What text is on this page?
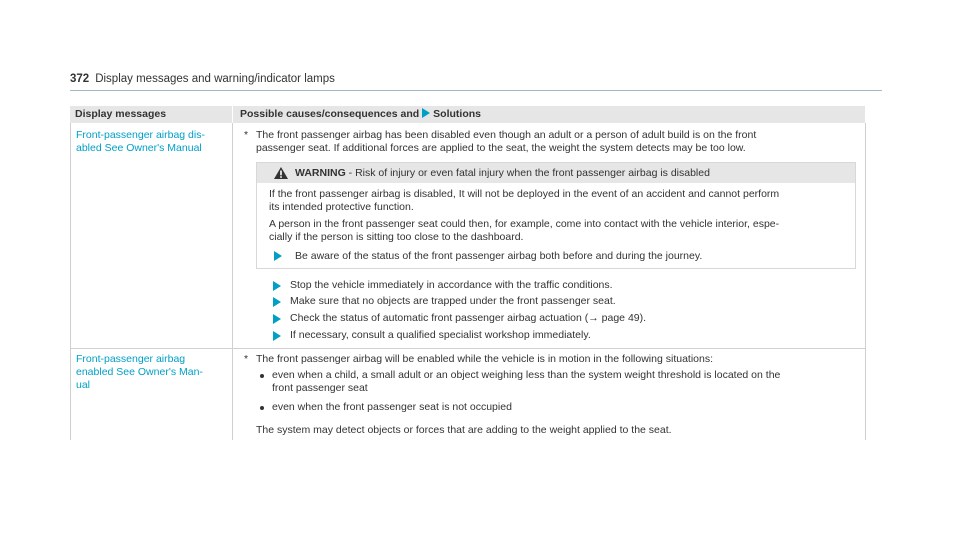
372 Display messages and warning/indicator lamps
Display messages	Possible causes/consequences and Solutions
Front-passenger airbag dis-
abled See Owner's Manual
* The front passenger airbag has been disabled even though an adult or a person of adult build is on the front
passenger seat. If additional forces are applied to the seat, the weight the system detects may be too low.
WARNING - Risk of injury or even fatal injury when the front passenger airbag is disabled
If the front passenger airbag is disabled, It will not be deployed in the event of an accident and cannot perform
its intended protective function.
A person in the front passenger seat could then, for example, come into contact with the vehicle interior, espe-
cially if the person is sitting too close to the dashboard.
Be aware of the status of the front passenger airbag both before and during the journey.
Stop the vehicle immediately in accordance with the traffic conditions.
Make sure that no objects are trapped under the front passenger seat.
Check the status of automatic front passenger airbag actuation (→ page 49).
If necessary, consult a qualified specialist workshop immediately.
Front-passenger airbag
enabled See Owner's Man-
ual
* The front passenger airbag will be enabled while the vehicle is in motion in the following situations:
even when a child, a small adult or an object weighing less than the system weight threshold is located on the
front passenger seat
even when the front passenger seat is not occupied
The system may detect objects or forces that are adding to the weight applied to the seat.
